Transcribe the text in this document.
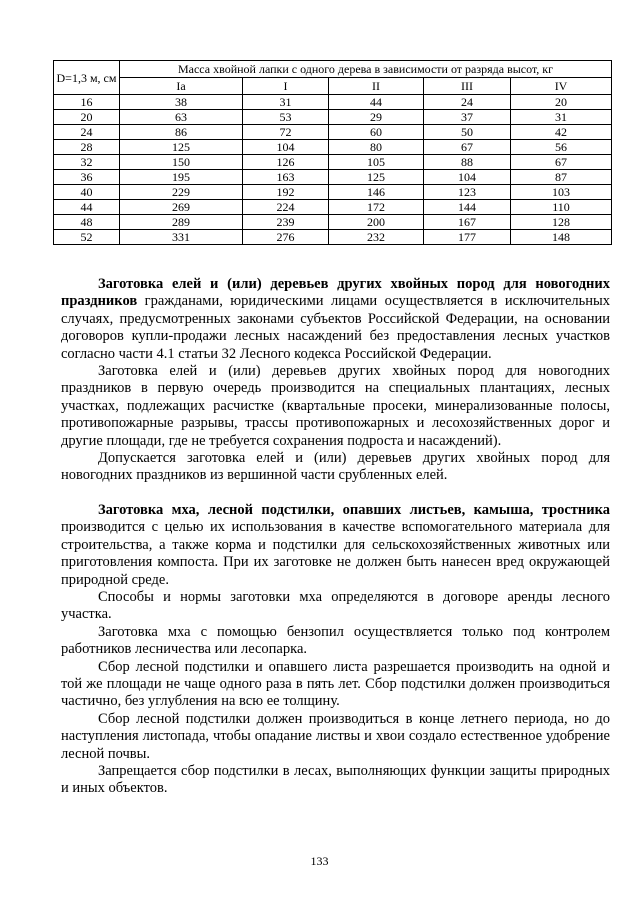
D=1,3 м, см	Масса хвойной лапки с одного дерева в зависимости от разряда высот, кг				
	Ia	I	II	III	IV
16	38	31	44	24	20
20	63	53	29	37	31
24	86	72	60	50	42
28	125	104	80	67	56
32	150	126	105	88	67
36	195	163	125	104	87
40	229	192	146	123	103
44	269	224	172	144	110
48	289	239	200	167	128
52	331	276	232	177	148

Заготовка елей и (или) деревьев других хвойных пород для новогодних праздников гражданами, юридическими лицами осуществляется в исключительных случаях, предусмотренных законами субъектов Российской Федерации, на основании договоров купли-продажи лесных насаждений без предоставления лесных участков согласно части 4.1 статьи 32 Лесного кодекса Российской Федерации.

Заготовка елей и (или) деревьев других хвойных пород для новогодних праздников в первую очередь производится на специальных плантациях, лесных участках, подлежащих расчистке (квартальные просеки, минерализованные полосы, противопожарные разрывы, трассы противопожарных и лесохозяйственных дорог и другие площади, где не требуется сохранения подроста и насаждений).

Допускается заготовка елей и (или) деревьев других хвойных пород для новогодних праздников из вершинной части срубленных елей.

Заготовка мха, лесной подстилки, опавших листьев, камыша, тростника производится с целью их использования в качестве вспомогательного материала для строительства, а также корма и подстилки для сельскохозяйственных животных или приготовления компоста. При их заготовке не должен быть нанесен вред окружающей природной среде.

Способы и нормы заготовки мха определяются в договоре аренды лесного участка.

Заготовка мха с помощью бензопил осуществляется только под контролем работников лесничества или лесопарка.

Сбор лесной подстилки и опавшего листа разрешается производить на одной и той же площади не чаще одного раза в пять лет. Сбор подстилки должен производиться частично, без углубления на всю ее толщину.

Сбор лесной подстилки должен производиться в конце летнего периода, но до наступления листопада, чтобы опадание листвы и хвои создало естественное удобрение лесной почвы.

Запрещается сбор подстилки в лесах, выполняющих функции защиты природных и иных объектов.

133
